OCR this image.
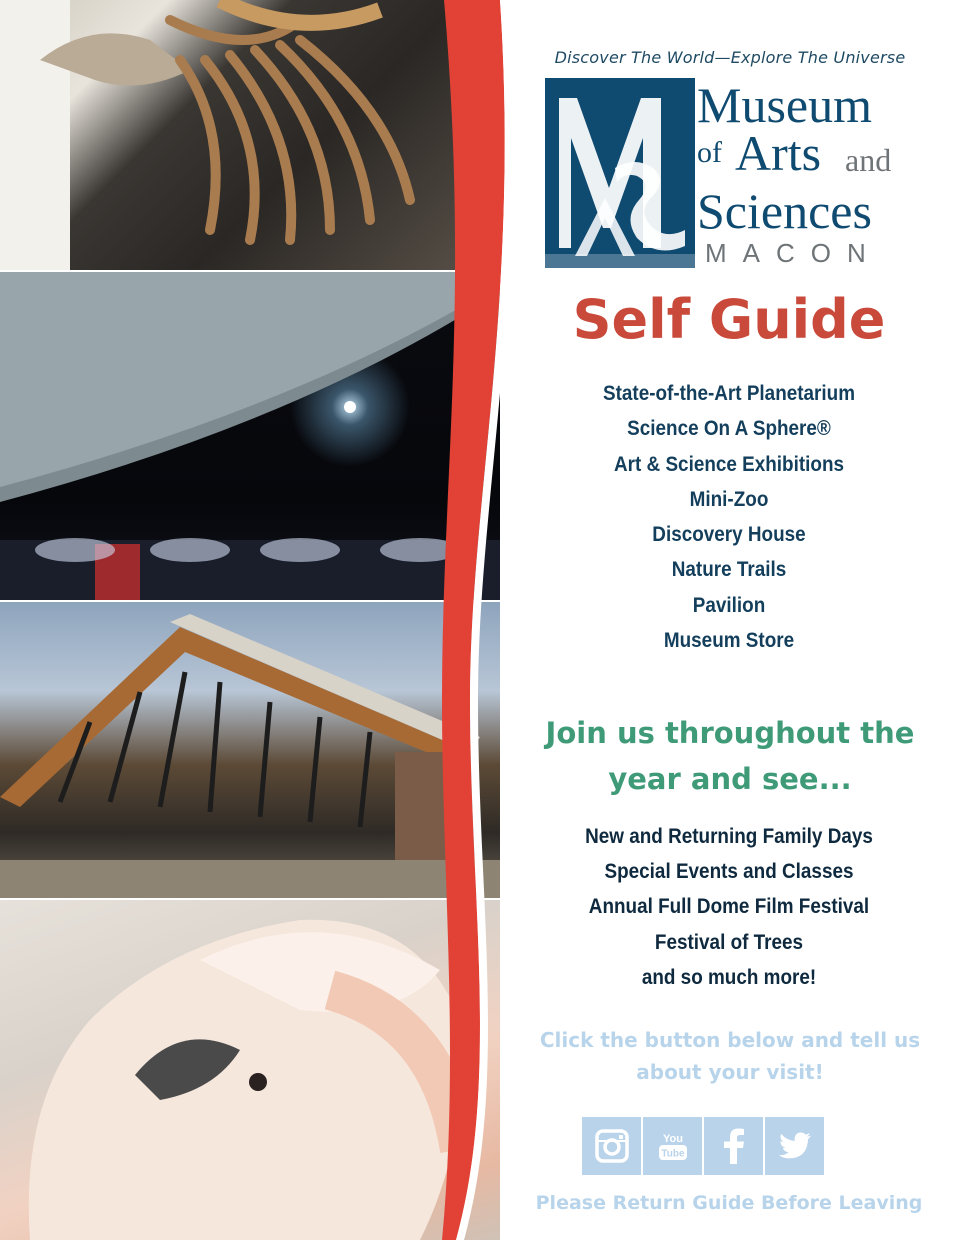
Discover The World—Explore The Universe
Museum
of Arts and
Sciences
MACON
Self Guide
State-of-the-Art Planetarium
Science On A Sphere®
Art & Science Exhibitions
Mini-Zoo
Discovery House
Nature Trails
Pavilion
Museum Store
Join us throughout the
year and see...
New and Returning Family Days
Special Events and Classes
Annual Full Dome Film Festival
Festival of Trees
and so much more!
Click the button below and tell us
about your visit!
You
Tube
Please Return Guide Before Leaving
